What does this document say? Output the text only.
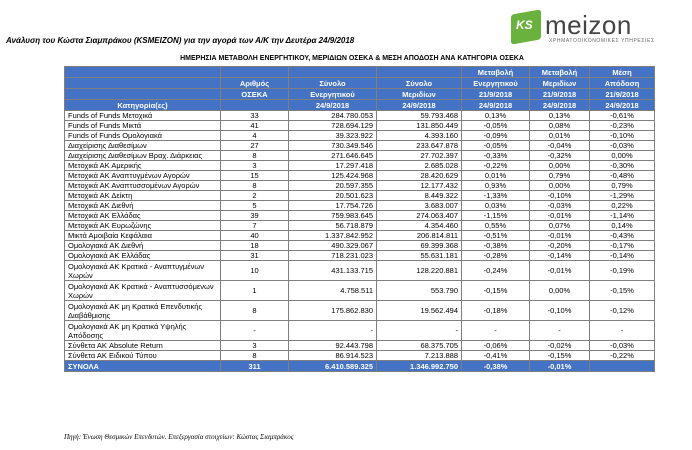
Ανάλυση του Κώστα Σιαμπράκου (KSMEIZON) για την αγορά των Α/Κ την Δευτέρα 24/9/2018
KS meizon
ΧΡΗΜΑΤΟΟΙΚΟΝΟΜΙΚΕΣ ΥΠΗΡΕΣΙΕΣ
ΗΜΕΡΗΣΙΑ ΜΕΤΑΒΟΛΗ ΕΝΕΡΓΗΤΙΚΟΥ, ΜΕΡΙΔΙΩΝ ΟΣΕΚΑ & ΜΕΣΗ ΑΠΟΔΟΣΗ ΑΝΑ ΚΑΤΗΓΟΡΙΑ ΟΣΕΚΑ
				Μεταβολή	Μεταβολή	Μέση
	Αριθμός	Σύνολο	Σύνολο	Ενεργητικού	Μεριδίων	Απόδοση
	ΟΣΕΚΑ	Ενεργητικού	Μεριδίων	21/9/2018	21/9/2018	21/9/2018
Κατηγορία(ες)		24/9/2018	24/9/2018	24/9/2018	24/9/2018	24/9/2018
Funds of Funds Μετοχικά	33	284.780.053	59.793.468	0,13%	0,13%	-0,61%
Funds of Funds Μικτά	41	728.694.129	131.850.449	-0,05%	0,08%	-0,23%
Funds of Funds Ομολογιακά	4	39.323.922	4.393.160	-0,09%	0,01%	-0,10%
Διαχείρισης Διαθεσίμων	27	730.349.546	233.647.878	-0,05%	-0,04%	-0,03%
Διαχείρισης Διαθεσίμων Βραχ. Διάρκειας	8	271.646.645	27.702.397	-0,33%	-0,32%	0,00%
Μετοχικά ΑΚ Αμερικής	3	17.297.418	2.685.028	-0,22%	0,00%	-0,30%
Μετοχικά ΑΚ Αναπτυγμένων Αγορών	15	125.424.968	28.420.629	0,01%	0,79%	-0,48%
Μετοχικά ΑΚ Αναπτυσσομένων Αγορών	8	20.597.355	12.177.432	0,93%	0,00%	0,79%
Μετοχικά ΑΚ Δείκτη	2	20.501.623	8.449.322	-1,33%	-0,10%	-1,29%
Μετοχικά ΑΚ Διεθνή	5	17.754.726	3.683.007	0,03%	-0,03%	0,22%
Μετοχικά ΑΚ Ελλάδας	39	759.983.645	274.063.407	-1,15%	-0,01%	-1,14%
Μετοχικά ΑΚ Ευρωζώνης	7	56.718.879	4.354.460	0,55%	0,07%	0,14%
Μικτά Αμοιβαία Κεφάλαια	40	1.337.842.952	206.814.811	-0,51%	-0,01%	-0,43%
Ομολογιακά ΑΚ Διεθνή	18	490.329.067	69.399.368	-0,38%	-0,20%	-0,17%
Ομολογιακά ΑΚ Ελλάδας	31	718.231.023	55.631.181	-0,28%	-0,14%	-0,14%
Ομολογιακά ΑΚ Κρατικά - Αναπτυγμένων Χωρών	10	431.133.715	128.220.881	-0,24%	-0,01%	-0,19%
Ομολογιακά ΑΚ Κρατικά - Αναπτυσσόμενων Χωρών	1	4.758.511	553.790	-0,15%	0,00%	-0,15%
Ομολογιακά ΑΚ μη Κρατικά Επενδυτικής Διαβάθμισης	8	175.862.830	19.562.494	-0,18%	-0,10%	-0,12%
Ομολογιακά ΑΚ μη Κρατικά Υψηλής Απόδοσης	-	-	-	-	-	-
Σύνθετα ΑΚ Absolute Return	3	92.443.798	68.375.705	-0,06%	-0,02%	-0,03%
Σύνθετα ΑΚ Ειδικού Τύπου	8	86.914.523	7.213.888	-0,41%	-0,15%	-0,22%
ΣΥΝΟΛΑ	311	6.410.589.325	1.346.992.750	-0,38%	-0,01%	
Πηγή: Ένωση Θεσμικών Επενδυτών. Επεξεργασία στοιχείων: Κώστας Σιαμπράκος
